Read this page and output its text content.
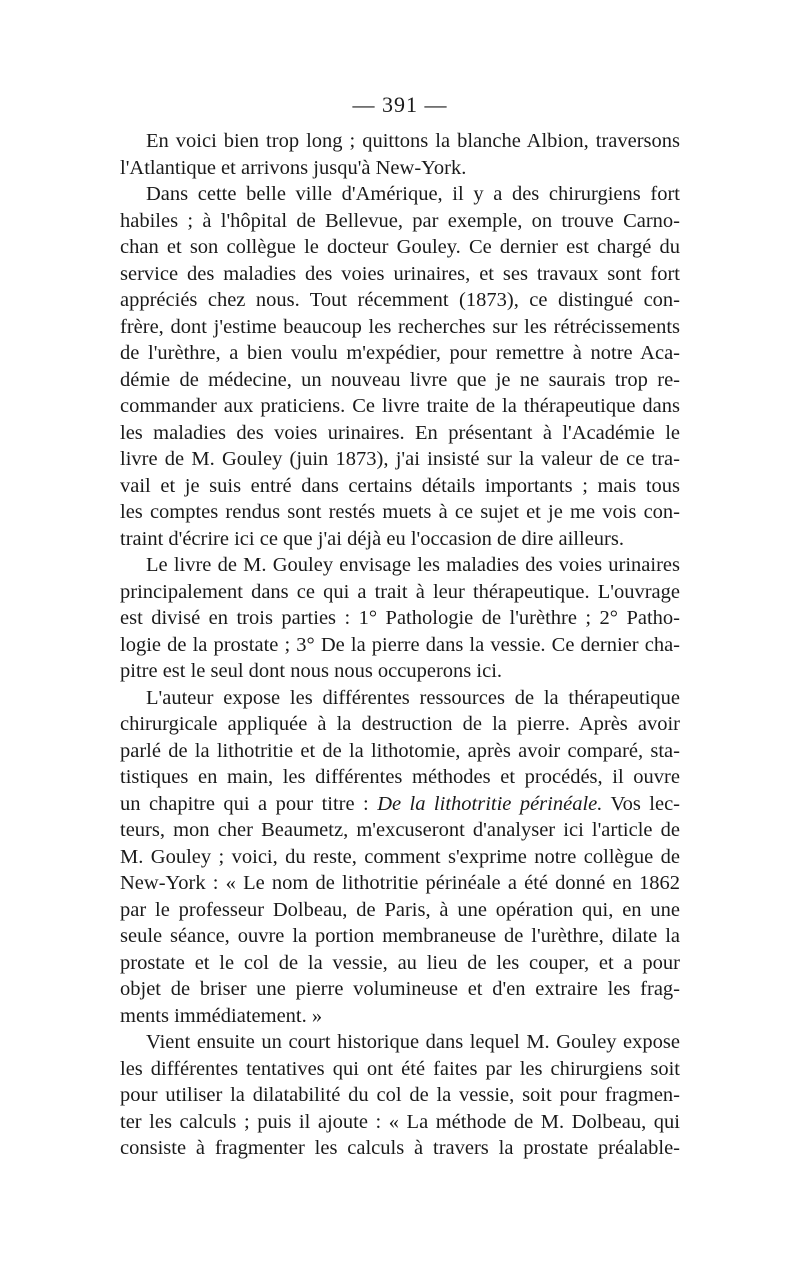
— 391 —
En voici bien trop long ; quittons la blanche Albion, traversons
l'Atlantique et arrivons jusqu'à New-York.
Dans cette belle ville d'Amérique, il y a des chirurgiens fort
habiles ; à l'hôpital de Bellevue, par exemple, on trouve Carno-
chan et son collègue le docteur Gouley. Ce dernier est chargé du
service des maladies des voies urinaires, et ses travaux sont fort
appréciés chez nous. Tout récemment (1873), ce distingué con-
frère, dont j'estime beaucoup les recherches sur les rétrécissements
de l'urèthre, a bien voulu m'expédier, pour remettre à notre Aca-
démie de médecine, un nouveau livre que je ne saurais trop re-
commander aux praticiens. Ce livre traite de la thérapeutique dans
les maladies des voies urinaires. En présentant à l'Académie le
livre de M. Gouley (juin 1873), j'ai insisté sur la valeur de ce tra-
vail et je suis entré dans certains détails importants ; mais tous
les comptes rendus sont restés muets à ce sujet et je me vois con-
traint d'écrire ici ce que j'ai déjà eu l'occasion de dire ailleurs.
Le livre de M. Gouley envisage les maladies des voies urinaires
principalement dans ce qui a trait à leur thérapeutique. L'ouvrage
est divisé en trois parties : 1° Pathologie de l'urèthre ; 2° Patho-
logie de la prostate ; 3° De la pierre dans la vessie. Ce dernier cha-
pitre est le seul dont nous nous occuperons ici.
L'auteur expose les différentes ressources de la thérapeutique
chirurgicale appliquée à la destruction de la pierre. Après avoir
parlé de la lithotritie et de la lithotomie, après avoir comparé, sta-
tistiques en main, les différentes méthodes et procédés, il ouvre
un chapitre qui a pour titre : De la lithotritie périnéale. Vos lec-
teurs, mon cher Beaumetz, m'excuseront d'analyser ici l'article de
M. Gouley ; voici, du reste, comment s'exprime notre collègue de
New-York : « Le nom de lithotritie périnéale a été donné en 1862
par le professeur Dolbeau, de Paris, à une opération qui, en une
seule séance, ouvre la portion membraneuse de l'urèthre, dilate la
prostate et le col de la vessie, au lieu de les couper, et a pour
objet de briser une pierre volumineuse et d'en extraire les frag-
ments immédiatement. »
Vient ensuite un court historique dans lequel M. Gouley expose
les différentes tentatives qui ont été faites par les chirurgiens soit
pour utiliser la dilatabilité du col de la vessie, soit pour fragmen-
ter les calculs ; puis il ajoute : « La méthode de M. Dolbeau, qui
consiste à fragmenter les calculs à travers la prostate préalable-
